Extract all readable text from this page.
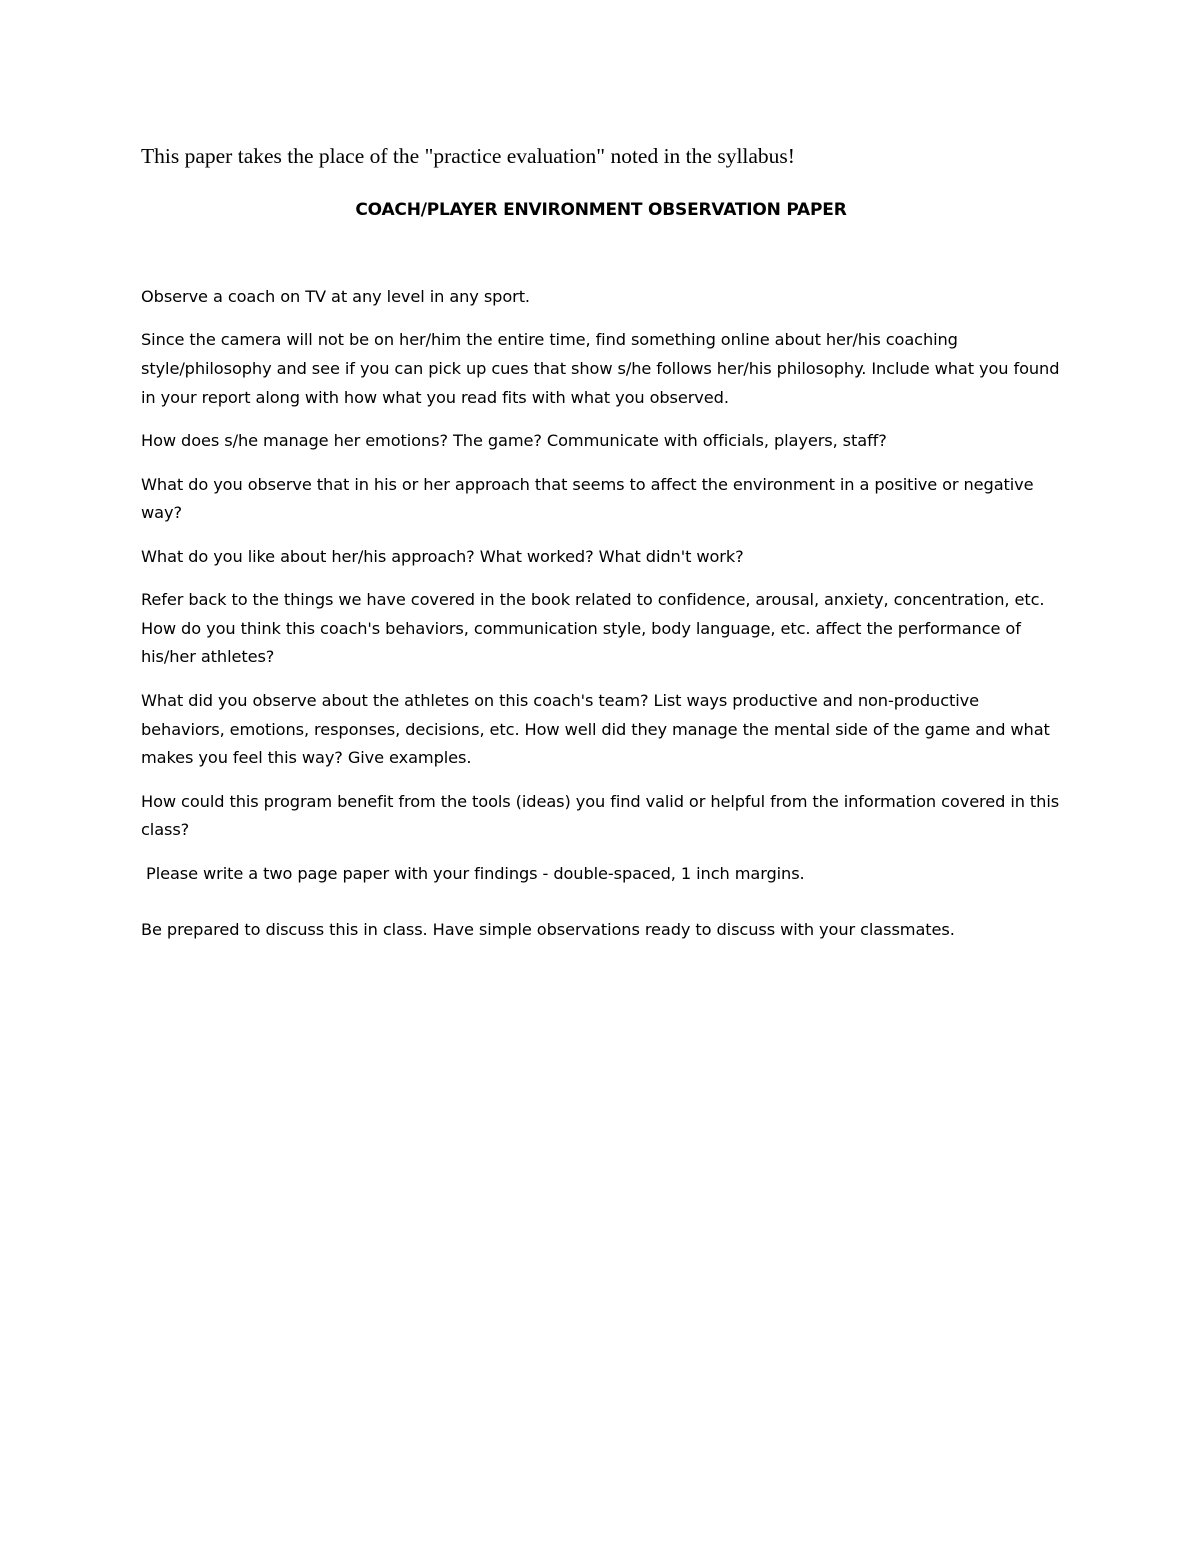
This paper takes the place of the "practice evaluation" noted in the syllabus!
COACH/PLAYER ENVIRONMENT OBSERVATION PAPER

Observe a coach on TV at any level in any sport.

Since the camera will not be on her/him the entire time, find something online about her/his coaching style/philosophy and see if you can pick up cues that show s/he follows her/his philosophy. Include what you found in your report along with how what you read fits with what you observed.

How does s/he manage her emotions? The game? Communicate with officials, players, staff?

What do you observe that in his or her approach that seems to affect the environment in a positive or negative way?

What do you like about her/his approach? What worked? What didn't work?

Refer back to the things we have covered in the book related to confidence, arousal, anxiety, concentration, etc. How do you think this coach's behaviors, communication style, body language, etc. affect the performance of his/her athletes?

What did you observe about the athletes on this coach's team? List ways productive and non-productive behaviors, emotions, responses, decisions, etc. How well did they manage the mental side of the game and what makes you feel this way? Give examples.

How could this program benefit from the tools (ideas) you find valid or helpful from the information covered in this class?

Please write a two page paper with your findings - double-spaced, 1 inch margins.

Be prepared to discuss this in class. Have simple observations ready to discuss with your classmates.
